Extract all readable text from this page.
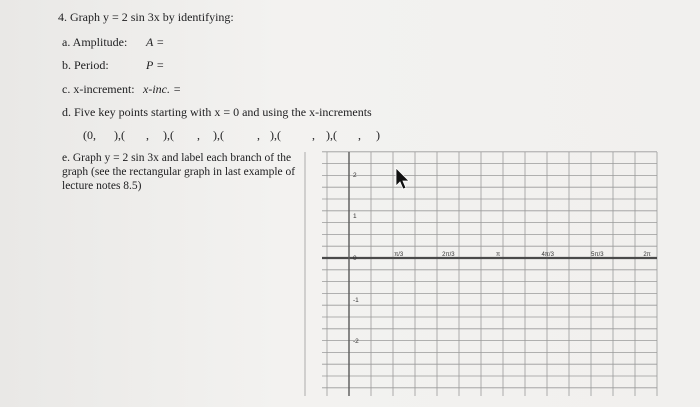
4. Graph y = 2 sin 3x by identifying:
a. Amplitude: A =
b. Period:	P =
c. x-increment: x-inc. =
d. Five key points starting with x = 0 and using the x-increments
(0, ),( , ),( , ),(	, ),(	, ),( , )
e. Graph y = 2 sin 3x and label each branch of the
graph (see the rectangular graph in last example of
lecture notes 8.5)
2
1
0
-1
-2
π/3	2π/3	π	4π/3	5π/3	2π
